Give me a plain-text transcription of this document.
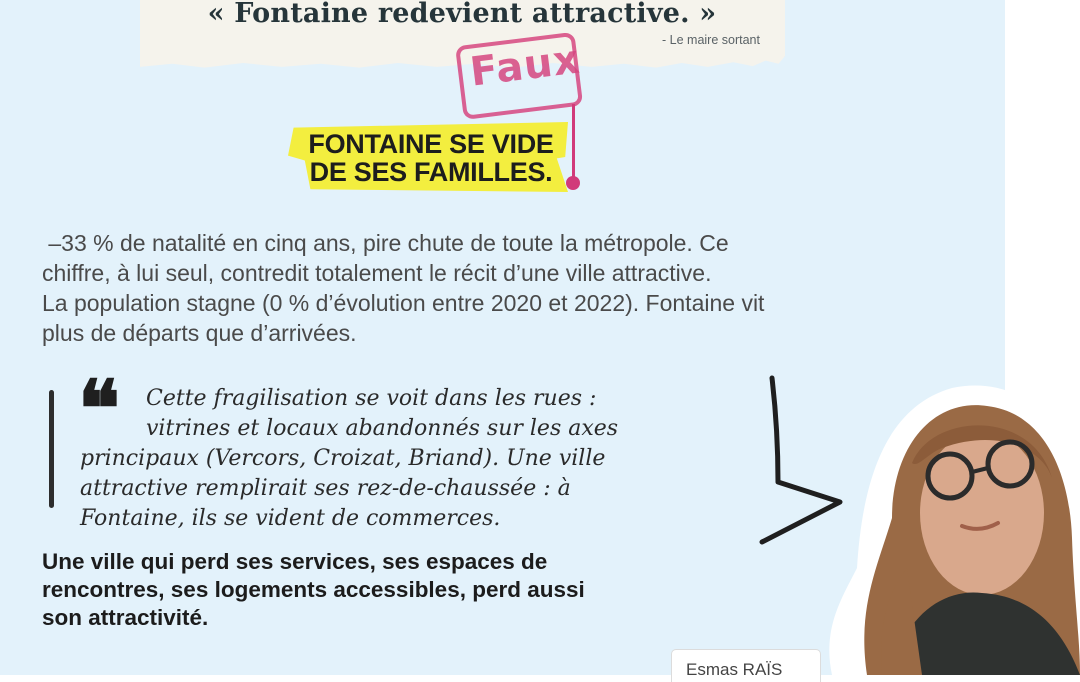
« Fontaine redevient attractive. »
- Le maire sortant
Faux
FONTAINE SE VIDE
DE SES FAMILLES.

–33 % de natalité en cinq ans, pire chute de toute la métropole. Ce

chiffre, à lui seul, contredit totalement le récit d’une ville attractive.

La population stagne (0 % d’évolution entre 2020 et 2022). Fontaine vit

plus de départs que d’arrivées.

❝	Cette fragilisation se voit dans les rues :
vitrines et locaux abandonnés sur les axes
principaux (Vercors, Croizat, Briand). Une ville
attractive remplirait ses rez-de-chaussée : à
Fontaine, ils se vident de commerces.
Une ville qui perd ses services, ses espaces de
rencontres, ses logements accessibles, perd aussi
son attractivité.
Esmas RAÏS
